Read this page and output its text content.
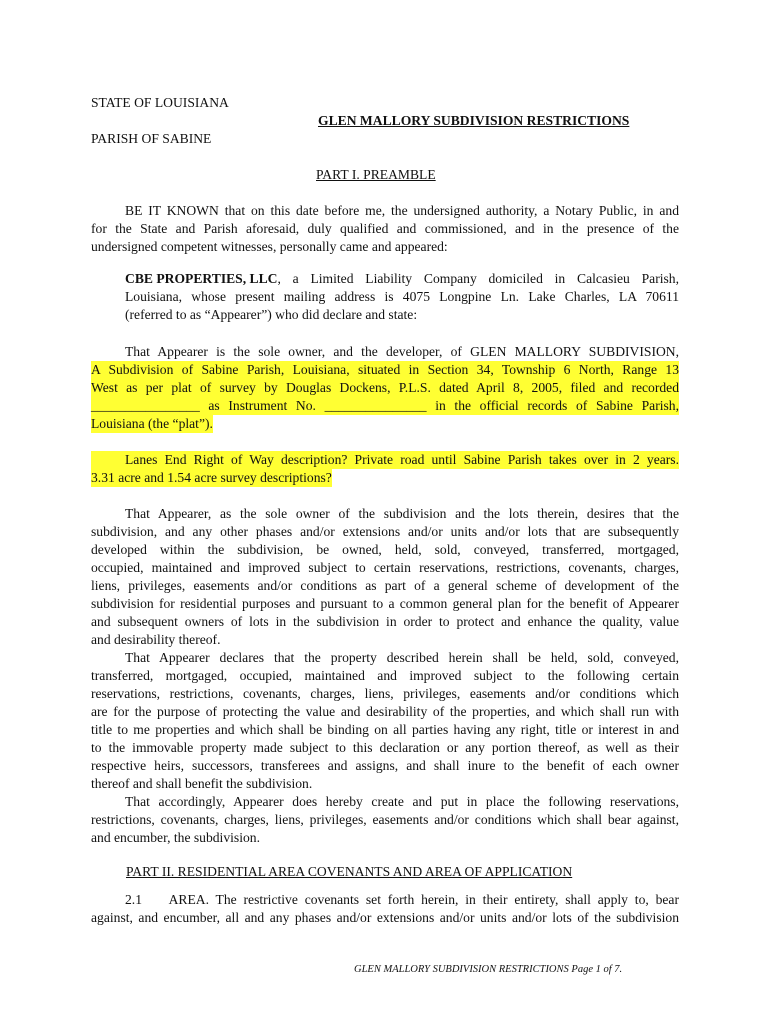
STATE OF LOUISIANA
GLEN MALLORY SUBDIVISION RESTRICTIONS
PARISH OF SABINE
PART I. PREAMBLE
BE IT KNOWN that on this date before me, the undersigned authority, a Notary Public, in and
for the State and Parish aforesaid, duly qualified and commissioned, and in the presence of the
undersigned competent witnesses, personally came and appeared:
CBE PROPERTIES, LLC , a Limited Liability Company domiciled in Calcasieu Parish,
Louisiana, whose present mailing address is 4075 Longpine Ln. Lake Charles, LA 70611
(referred to as “Appearer”) who did declare and state:
That Appearer is the sole owner, and the developer, of GLEN MALLORY SUBDIVISION,
A Subdivision of Sabine Parish, Louisiana, situated in Section 34, Township 6 North, Range 13
West as per plat of survey by Douglas Dockens, P.L.S. dated April 8, 2005, filed and recorded
________________ as Instrument No. _______________ in the official records of Sabine Parish,
Louisiana (the “plat”).
Lanes End Right of Way description? Private road until Sabine Parish takes over in 2 years.
3.31 acre and 1.54 acre survey descriptions?
That Appearer, as the sole owner of the subdivision and the lots therein, desires that the
subdivision, and any other phases and/or extensions and/or units and/or lots that are subsequently
developed within the subdivision, be owned, held, sold, conveyed, transferred, mortgaged,
occupied, maintained and improved subject to certain reservations, restrictions, covenants, charges,
liens, privileges, easements and/or conditions as part of a general scheme of development of the
subdivision for residential purposes and pursuant to a common general plan for the benefit of Appearer
and subsequent owners of lots in the subdivision in order to protect and enhance the quality, value
and desirability thereof.
That Appearer declares that the property described herein shall be held, sold, conveyed,
transferred, mortgaged, occupied, maintained and improved subject to the following certain
reservations, restrictions, covenants, charges, liens, privileges, easements and/or conditions which
are for the purpose of protecting the value and desirability of the properties, and which shall run with
title to me properties and which shall be binding on all parties having any right, title or interest in and
to the immovable property made subject to this declaration or any portion thereof, as well as their
respective heirs, successors, transferees and assigns, and shall inure to the benefit of each owner
thereof and shall benefit the subdivision.
That accordingly, Appearer does hereby create and put in place the following reservations,
restrictions, covenants, charges, liens, privileges, easements and/or conditions which shall bear against,
and encumber, the subdivision.
PART II. RESIDENTIAL AREA COVENANTS AND AREA OF APPLICATION
2.1    AREA. The restrictive covenants set forth herein, in their entirety, shall apply to, bear
against, and encumber, all and any phases and/or extensions and/or units and/or lots of the subdivision
GLEN MALLORY SUBDIVISION RESTRICTIONS Page 1 of 7.
